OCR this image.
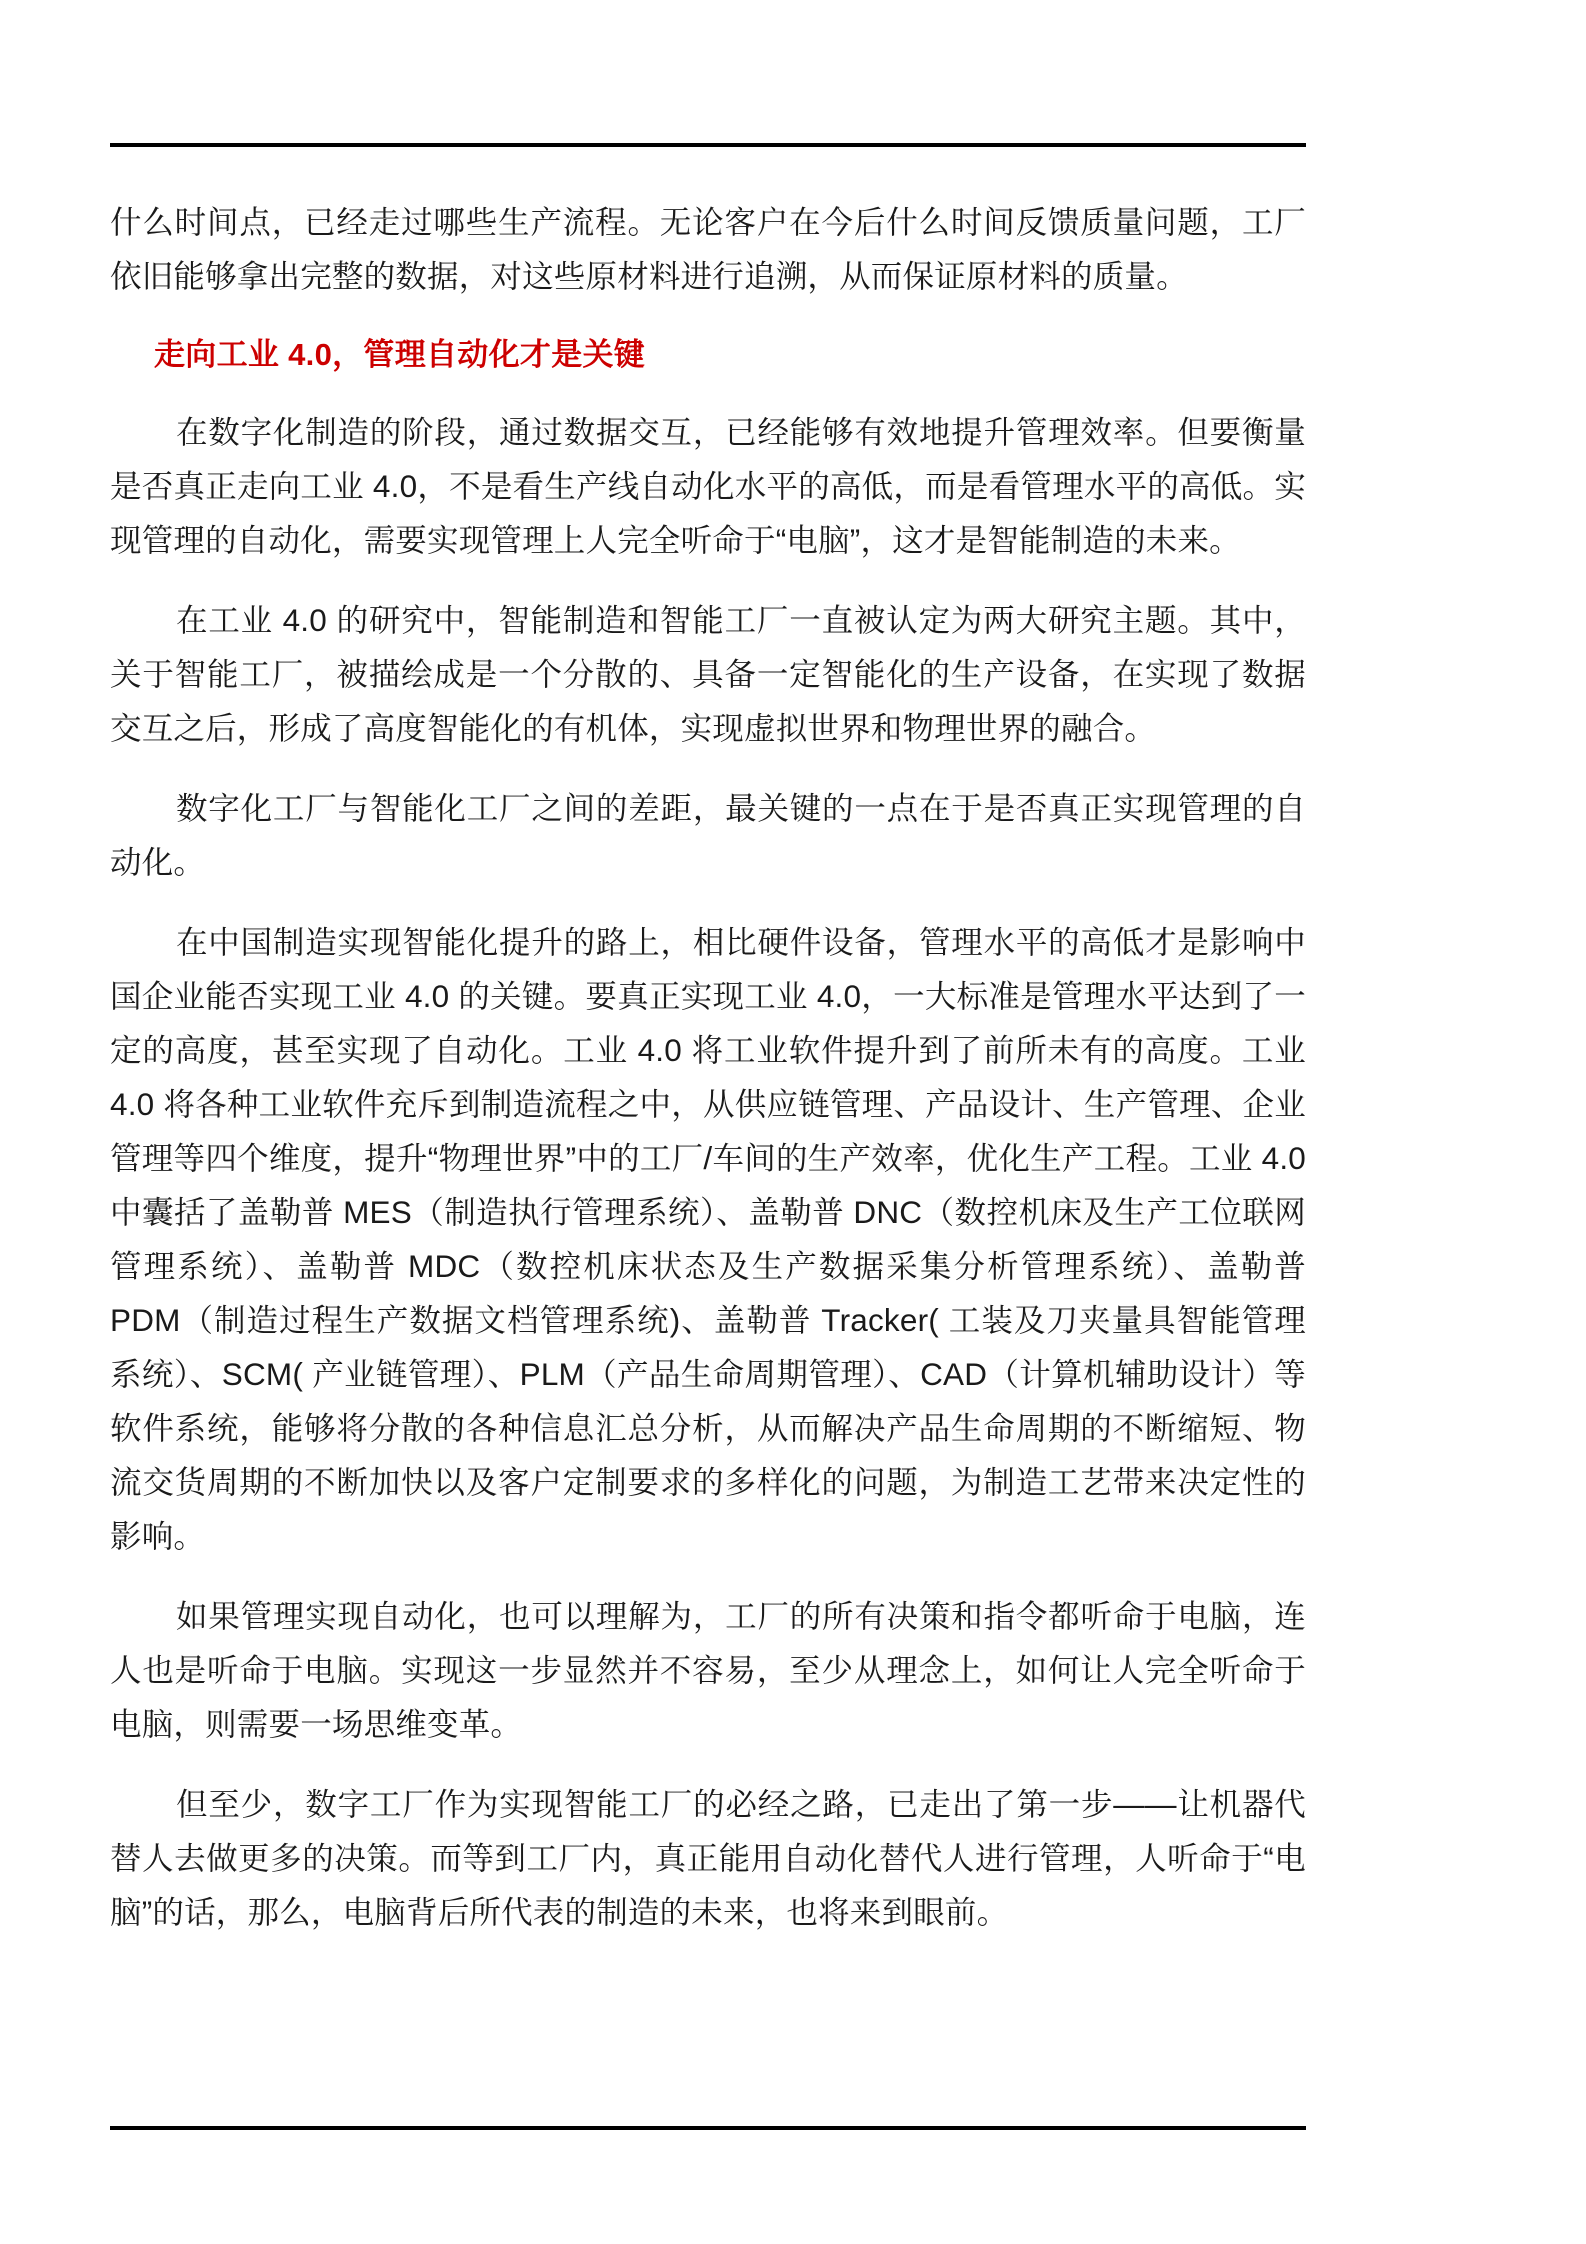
什么时间点，已经走过哪些生产流程。无论客户在今后什么时间反馈质量问题，工厂依旧能够拿出完整的数据，对这些原材料进行追溯，从而保证原材料的质量。

走向工业 4.0，管理自动化才是关键

在数字化制造的阶段，通过数据交互，已经能够有效地提升管理效率。但要衡量是否真正走向工业 4.0，不是看生产线自动化水平的高低，而是看管理水平的高低。实现管理的自动化，需要实现管理上人完全听命于“电脑”，这才是智能制造的未来。

在工业 4.0 的研究中，智能制造和智能工厂一直被认定为两大研究主题。其中，关于智能工厂，被描绘成是一个分散的、具备一定智能化的生产设备，在实现了数据交互之后，形成了高度智能化的有机体，实现虚拟世界和物理世界的融合。

数字化工厂与智能化工厂之间的差距，最关键的一点在于是否真正实现管理的自动化。

在中国制造实现智能化提升的路上，相比硬件设备，管理水平的高低才是影响中国企业能否实现工业 4.0 的关键。要真正实现工业 4.0，一大标准是管理水平达到了一定的高度，甚至实现了自动化。工业 4.0 将工业软件提升到了前所未有的高度。工业 4.0 将各种工业软件充斥到制造流程之中，从供应链管理、产品设计、生产管理、企业管理等四个维度，提升“物理世界”中的工厂/车间的生产效率，优化生产工程。工业 4.0 中囊括了盖勒普 MES（制造执行管理系统）、盖勒普 DNC（数控机床及生产工位联网管理系统）、盖勒普 MDC（数控机床状态及生产数据采集分析管理系统）、盖勒普 PDM（制造过程生产数据文档管理系统)、盖勒普 Tracker( 工装及刀夹量具智能管理系统）、SCM( 产业链管理）、PLM（产品生命周期管理）、CAD（计算机辅助设计）等软件系统，能够将分散的各种信息汇总分析，从而解决产品生命周期的不断缩短、物流交货周期的不断加快以及客户定制要求的多样化的问题，为制造工艺带来决定性的影响。

如果管理实现自动化，也可以理解为，工厂的所有决策和指令都听命于电脑，连人也是听命于电脑。实现这一步显然并不容易，至少从理念上，如何让人完全听命于电脑，则需要一场思维变革。

但至少，数字工厂作为实现智能工厂的必经之路，已走出了第一步——让机器代替人去做更多的决策。而等到工厂内，真正能用自动化替代人进行管理，人听命于“电脑”的话，那么，电脑背后所代表的制造的未来，也将来到眼前。
